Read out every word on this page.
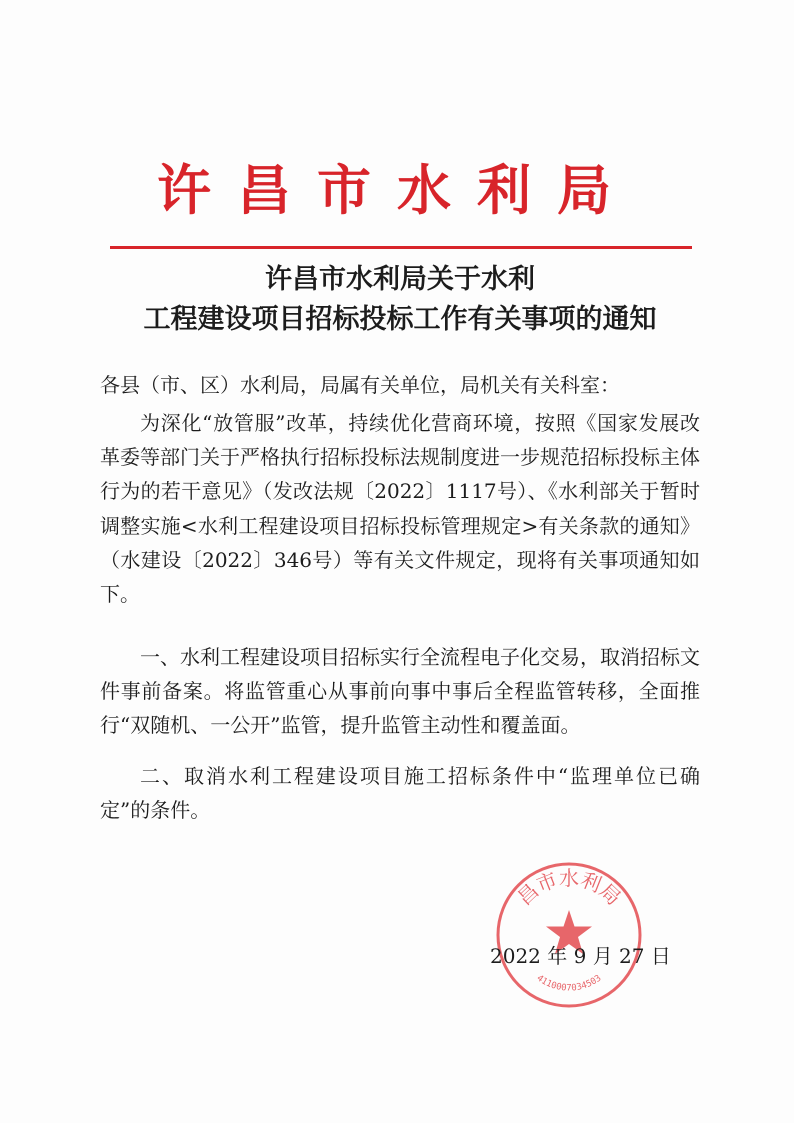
许昌市水利局
许昌市水利局关于水利
工程建设项目招标投标工作有关事项的通知
各县（市、区）水利局，局属有关单位，局机关有关科室：
为深化“放管服”改革，持续优化营商环境，按照《国家发展改革委等部门关于严格执行招标投标法规制度进一步规范招标投标主体行为的若干意见》（发改法规〔2022〕1117号）、《水利部关于暂时调整实施<水利工程建设项目招标投标管理规定>有关条款的通知》（水建设〔2022〕346号）等有关文件规定，现将有关事项通知如下。
一、水利工程建设项目招标实行全流程电子化交易，取消招标文件事前备案。将监管重心从事前向事中事后全程监管转移，全面推行“双随机、一公开”监管，提升监管主动性和覆盖面。
二、取消水利工程建设项目施工招标条件中“监理单位已确定”的条件。
昌市水利局
4110007034503
2022 年 9 月 27 日
